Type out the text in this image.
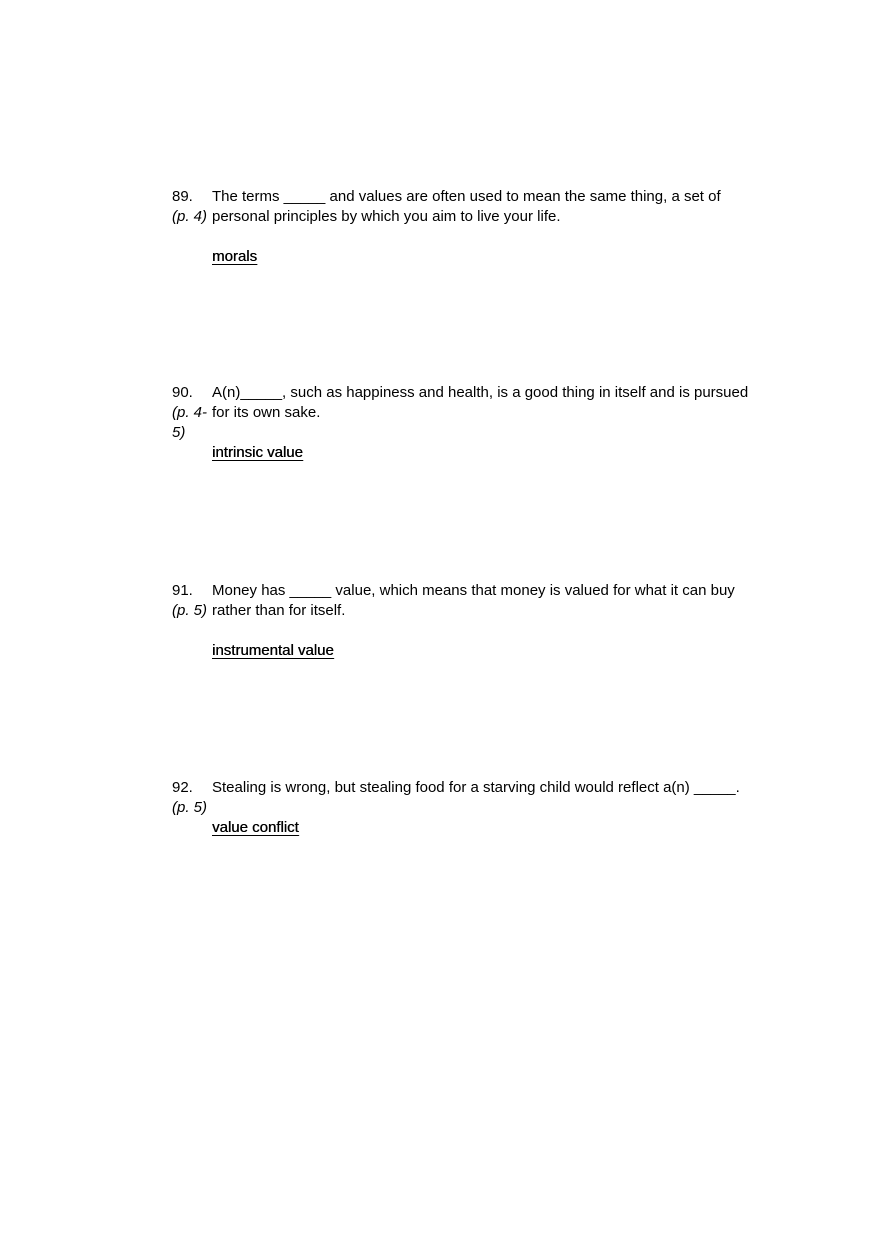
89.
(p. 4)
The terms _____ and values are often used to mean the same thing, a set of personal principles by which you aim to live your life.
morals
90.
(p. 4-5)
A(n)_____, such as happiness and health, is a good thing in itself and is pursued for its own sake.
intrinsic value
91.
(p. 5)
Money has _____ value, which means that money is valued for what it can buy rather than for itself.
instrumental value
92.
(p. 5)
Stealing is wrong, but stealing food for a starving child would reflect a(n) _____.
value conflict
